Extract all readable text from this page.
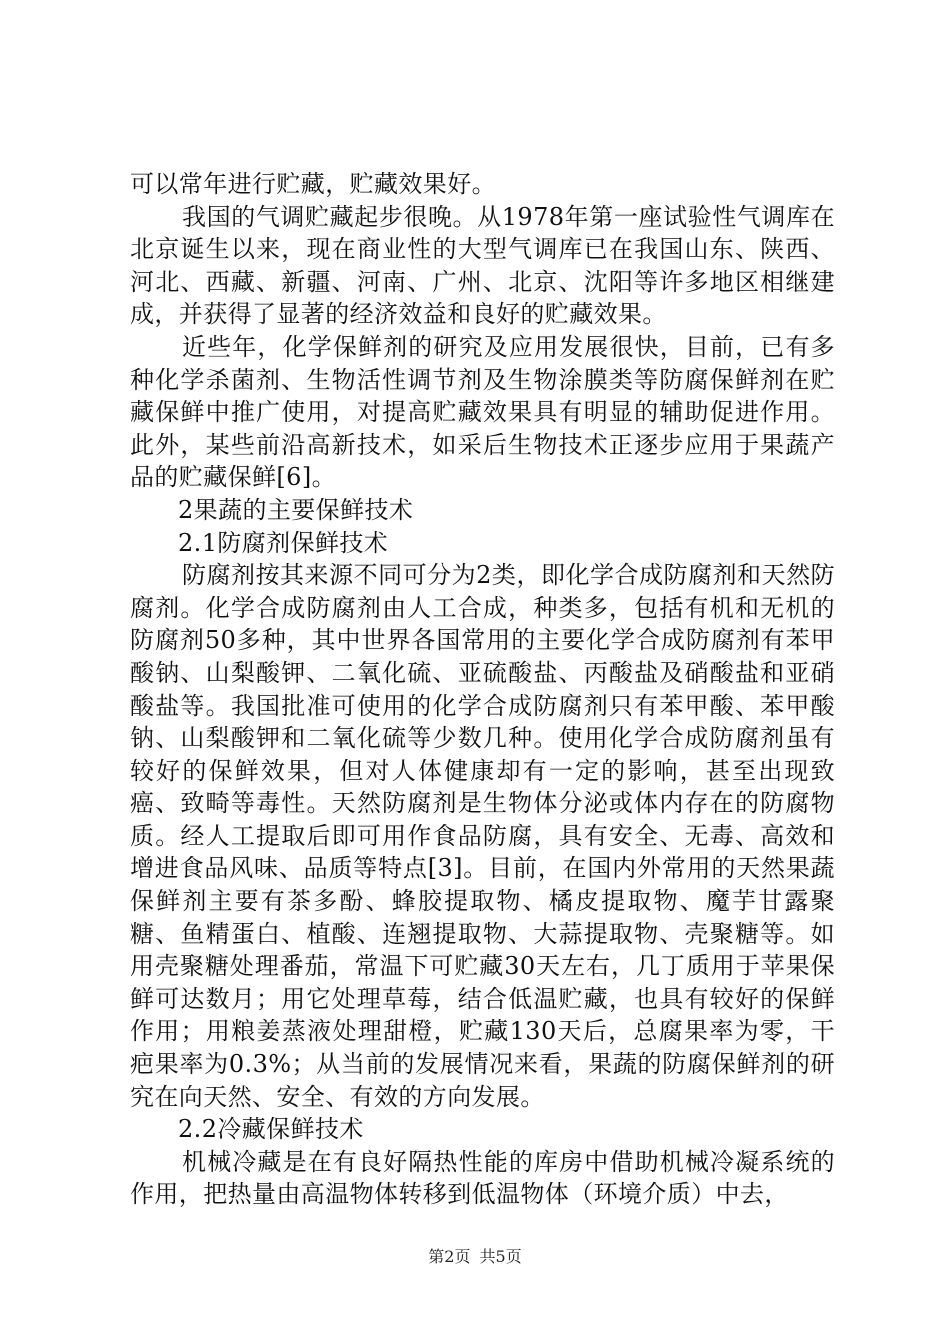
可以常年进行贮藏，贮藏效果好。

我国的气调贮藏起步很晚。从1978年第一座试验性气调库在北京诞生以来，现在商业性的大型气调库已在我国山东、陕西、河北、西藏、新疆、河南、广州、北京、沈阳等许多地区相继建成，并获得了显著的经济效益和良好的贮藏效果。

近些年，化学保鲜剂的研究及应用发展很快，目前，已有多种化学杀菌剂、生物活性调节剂及生物涂膜类等防腐保鲜剂在贮藏保鲜中推广使用，对提高贮藏效果具有明显的辅助促进作用。此外，某些前沿高新技术，如采后生物技术正逐步应用于果蔬产品的贮藏保鲜[6]。

2果蔬的主要保鲜技术

2.1防腐剂保鲜技术

防腐剂按其来源不同可分为2类，即化学合成防腐剂和天然防腐剂。化学合成防腐剂由人工合成，种类多，包括有机和无机的防腐剂50多种，其中世界各国常用的主要化学合成防腐剂有苯甲酸钠、山梨酸钾、二氧化硫、亚硫酸盐、丙酸盐及硝酸盐和亚硝酸盐等。我国批准可使用的化学合成防腐剂只有苯甲酸、苯甲酸钠、山梨酸钾和二氧化硫等少数几种。使用化学合成防腐剂虽有较好的保鲜效果，但对人体健康却有一定的影响，甚至出现致癌、致畸等毒性。天然防腐剂是生物体分泌或体内存在的防腐物质。经人工提取后即可用作食品防腐，具有安全、无毒、高效和增进食品风味、品质等特点[3]。目前，在国内外常用的天然果蔬保鲜剂主要有茶多酚、蜂胶提取物、橘皮提取物、魔芋甘露聚糖、鱼精蛋白、植酸、连翘提取物、大蒜提取物、壳聚糖等。如用壳聚糖处理番茄，常温下可贮藏30天左右，几丁质用于苹果保鲜可达数月；用它处理草莓，结合低温贮藏，也具有较好的保鲜作用；用粮姜蒸液处理甜橙，贮藏130天后，总腐果率为零，干疤果率为0.3%；从当前的发展情况来看，果蔬的防腐保鲜剂的研究在向天然、安全、有效的方向发展。

2.2冷藏保鲜技术

机械冷藏是在有良好隔热性能的库房中借助机械冷凝系统的作用，把热量由高温物体转移到低温物体（环境介质）中去，

第2页 共5页
